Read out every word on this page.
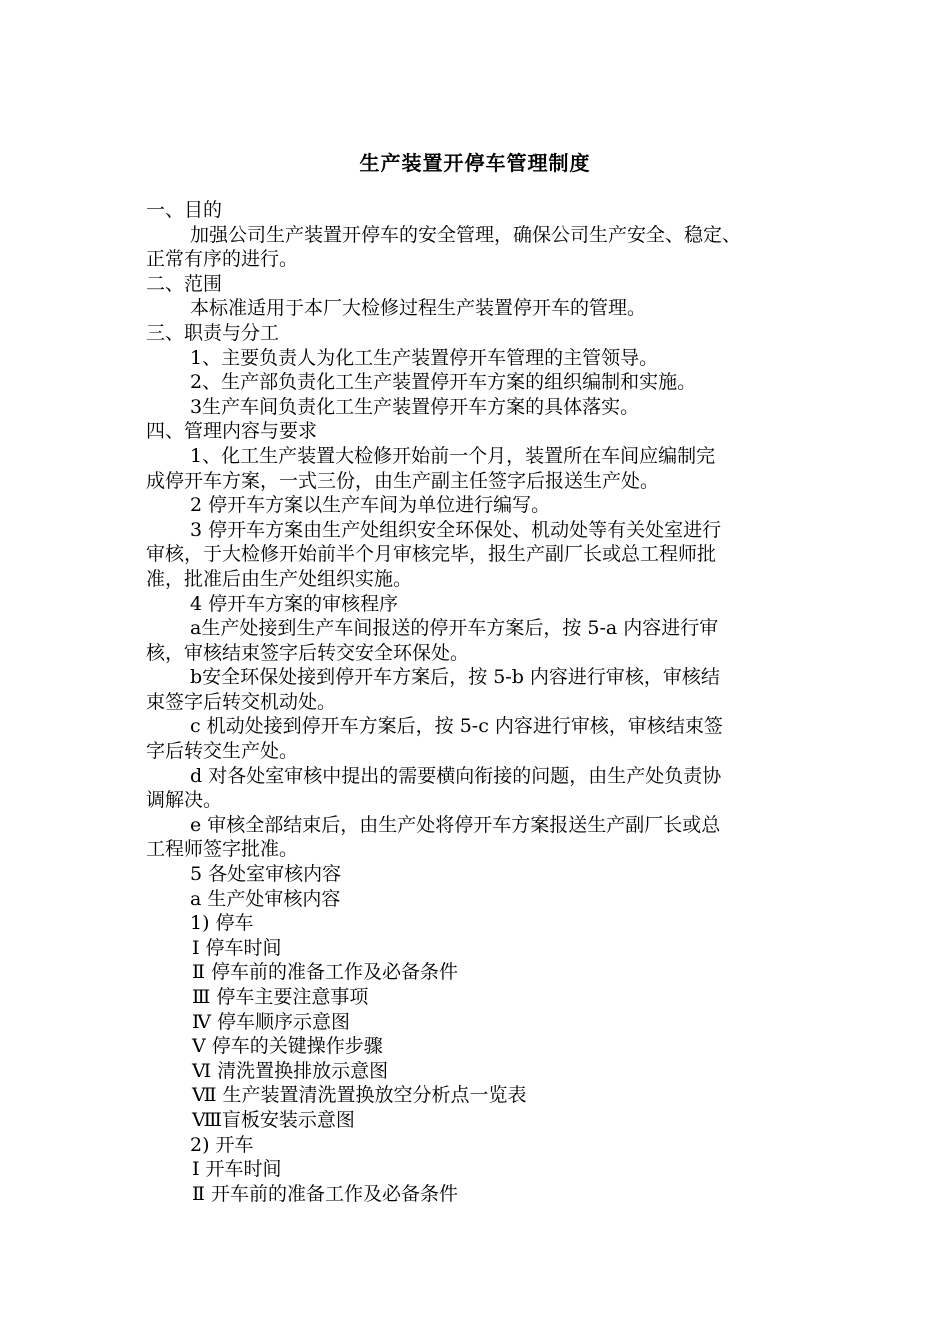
生产装置开停车管理制度
一、目的
加强公司生产装置开停车的安全管理，确保公司生产安全、稳定、
正常有序的进行。
二、范围
本标准适用于本厂大检修过程生产装置停开车的管理。
三、职责与分工
1、主要负责人为化工生产装置停开车管理的主管领导。
2、生产部负责化工生产装置停开车方案的组织编制和实施。
3生产车间负责化工生产装置停开车方案的具体落实。
四、管理内容与要求
1、化工生产装置大检修开始前一个月，装置所在车间应编制完
成停开车方案，一式三份，由生产副主任签字后报送生产处。
2 停开车方案以生产车间为单位进行编写。
3 停开车方案由生产处组织安全环保处、机动处等有关处室进行
审核，于大检修开始前半个月审核完毕，报生产副厂长或总工程师批
准，批准后由生产处组织实施。
4 停开车方案的审核程序
a生产处接到生产车间报送的停开车方案后，按 5-a 内容进行审
核，审核结束签字后转交安全环保处。
b安全环保处接到停开车方案后，按 5-b 内容进行审核，审核结
束签字后转交机动处。
c 机动处接到停开车方案后，按 5-c 内容进行审核，审核结束签
字后转交生产处。
d 对各处室审核中提出的需要横向衔接的问题，由生产处负责协
调解决。
e 审核全部结束后，由生产处将停开车方案报送生产副厂长或总
工程师签字批准。
5 各处室审核内容
a 生产处审核内容
1) 停车
Ⅰ 停车时间
Ⅱ 停车前的准备工作及必备条件
Ⅲ 停车主要注意事项
Ⅳ 停车顺序示意图
Ⅴ 停车的关键操作步骤
Ⅵ 清洗置换排放示意图
Ⅶ 生产装置清洗置换放空分析点一览表
Ⅷ盲板安装示意图
2) 开车
Ⅰ 开车时间
Ⅱ 开车前的准备工作及必备条件
